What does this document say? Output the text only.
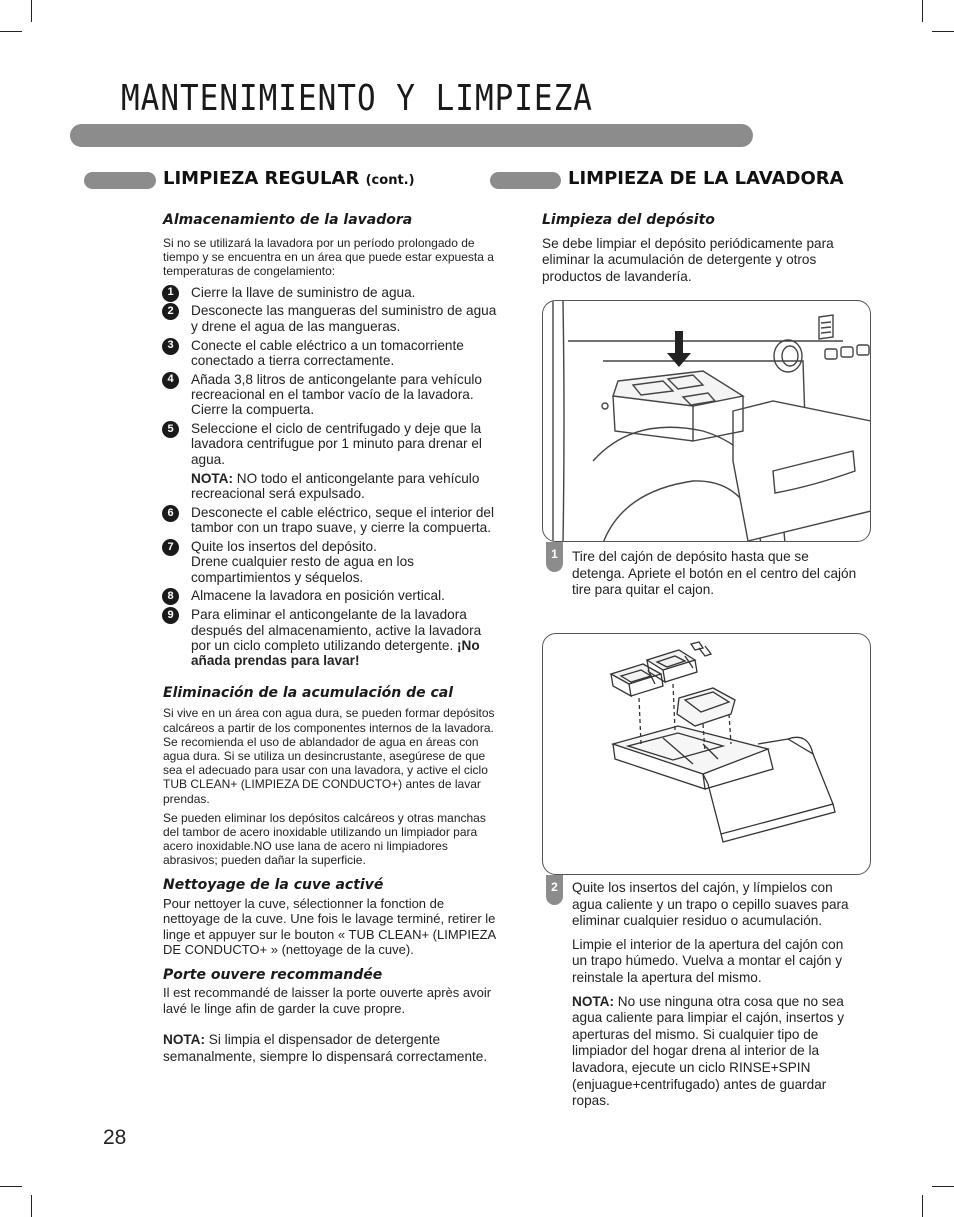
MANTENIMIENTO Y LIMPIEZA
LIMPIEZA REGULAR (cont.)	LIMPIEZA DE LA LAVADORA
Almacenamiento de la lavadora

Si no se utilizará la lavadora por un período prolongado de tiempo y se encuentra en un área que puede estar expuesta a temperaturas de congelamiento:

1	Cierre la llave de suministro de agua.
2	Desconecte las mangueras del suministro de agua y drene el agua de las mangueras.
3	Conecte el cable eléctrico a un tomacorriente conectado a tierra correctamente.
4	Añada 3,8 litros de anticongelante para vehículo recreacional en el tambor vacío de la lavadora. Cierre la compuerta.
5	Seleccione el ciclo de centrifugado y deje que la lavadora centrifugue por 1 minuto para drenar el agua.
NOTA: NO todo el anticongelante para vehículo recreacional será expulsado.
6	Desconecte el cable eléctrico, seque el interior del tambor con un trapo suave, y cierre la compuerta.
7	Quite los insertos del depósito.
Drene cualquier resto de agua en los compartimientos y séquelos.
8	Almacene la lavadora en posición vertical.
9	Para eliminar el anticongelante de la lavadora después del almacenamiento, active la lavadora por un ciclo completo utilizando detergente. ¡No añada prendas para lavar!
Eliminación de la acumulación de cal

Si vive en un área con agua dura, se pueden formar depósitos calcáreos a partir de los componentes internos de la lavadora. Se recomienda el uso de ablandador de agua en áreas con agua dura. Si se utiliza un desincrustante, asegúrese de que sea el adecuado para usar con una lavadora, y active el ciclo TUB CLEAN+ (LIMPIEZA DE CONDUCTO+) antes de lavar prendas.

Se pueden eliminar los depósitos calcáreos y otras manchas del tambor de acero inoxidable utilizando un limpiador para acero inoxidable.NO use lana de acero ni limpiadores abrasivos; pueden dañar la superficie.

Nettoyage de la cuve activé

Pour nettoyer la cuve, sélectionner la fonction de nettoyage de la cuve. Une fois le lavage terminé, retirer le linge et appuyer sur le bouton « TUB CLEAN+ (LIMPIEZA DE CONDUCTO+ » (nettoyage de la cuve).

Porte ouvere recommandée

Il est recommandé de laisser la porte ouverte après avoir lavé le linge afin de garder la cuve propre.

NOTA: Si limpia el dispensador de detergente semanalmente, siempre lo dispensará correctamente.

Limpieza del depósito

Se debe limpiar el depósito periódicamente para eliminar la acumulación de detergente y otros productos de lavandería.

1	Tire del cajón de depósito hasta que se detenga. Apriete el botón en el centro del cajón tire para quitar el cajon.

2	Quite los insertos del cajón, y límpielos con agua caliente y un trapo o cepillo suaves para eliminar cualquier residuo o acumulación.

Limpie el interior de la apertura del cajón con un trapo húmedo. Vuelva a montar el cajón y reinstale la apertura del mismo.

NOTA: No use ninguna otra cosa que no sea agua caliente para limpiar el cajón, insertos y aperturas del mismo. Si cualquier tipo de limpiador del hogar drena al interior de la lavadora, ejecute un ciclo RINSE+SPIN (enjuague+centrifugado) antes de guardar ropas.

28
